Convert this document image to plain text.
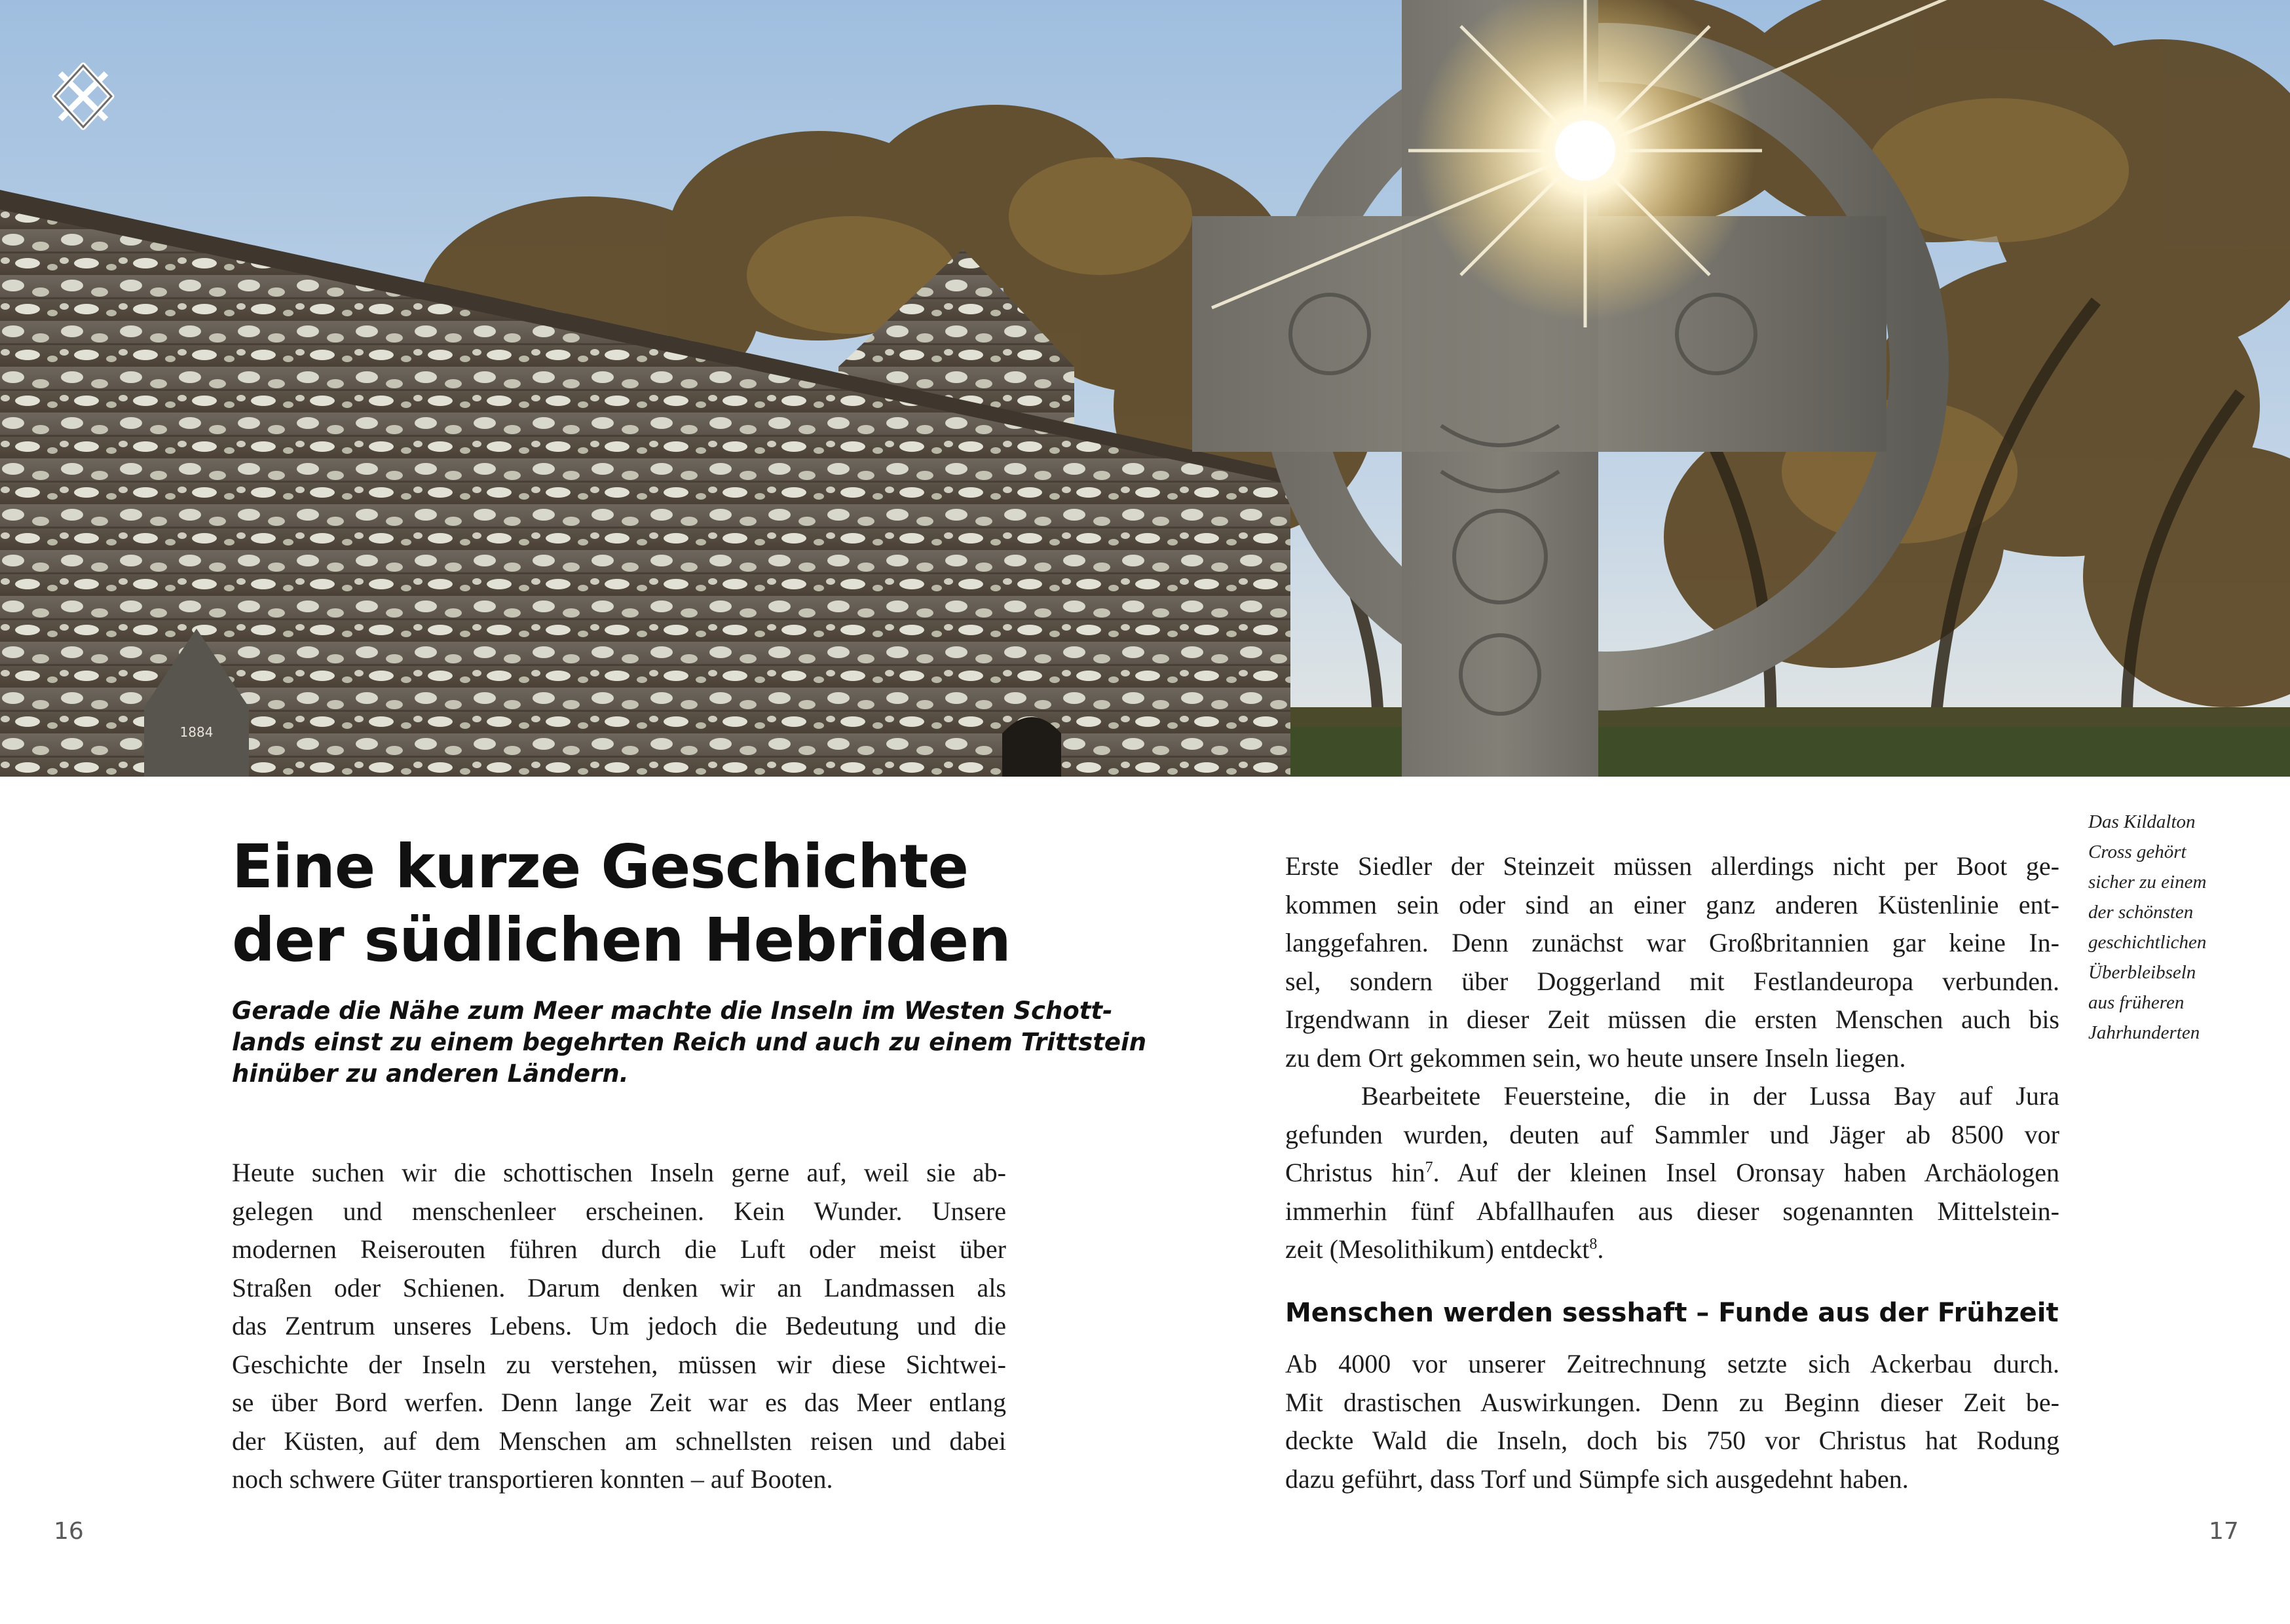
1884
Eine kurze Geschichte
der südlichen Hebriden
Gerade die Nähe zum Meer machte die Inseln im Westen Schott-
lands einst zu einem begehrten Reich und auch zu einem Trittstein
hinüber zu anderen Ländern.
Heute suchen wir die schottischen Inseln gerne auf, weil sie ab-
gelegen und menschenleer erscheinen. Kein Wunder. Unsere
modernen Reiserouten führen durch die Luft oder meist über
Straßen oder Schienen. Darum denken wir an Landmassen als
das Zentrum unseres Lebens. Um jedoch die Bedeutung und die
Geschichte der Inseln zu verstehen, müssen wir diese Sichtwei-
se über Bord werfen. Denn lange Zeit war es das Meer entlang
der Küsten, auf dem Menschen am schnellsten reisen und dabei
noch schwere Güter transportieren konnten – auf Booten.
16
Erste Siedler der Steinzeit müssen allerdings nicht per Boot ge-
kommen sein oder sind an einer ganz anderen Küstenlinie ent-
langgefahren. Denn zunächst war Großbritannien gar keine In-
sel, sondern über Doggerland mit Festlandeuropa verbunden.
Irgendwann in dieser Zeit müssen die ersten Menschen auch bis
zu dem Ort gekommen sein, wo heute unsere Inseln liegen.
Bearbeitete Feuersteine, die in der Lussa Bay auf Jura
gefunden wurden, deuten auf Sammler und Jäger ab 8500 vor
Christus hin$^7$. Auf der kleinen Insel Oronsay haben Archäologen
immerhin fünf Abfallhaufen aus dieser sogenannten Mittelstein-
zeit (Mesolithikum) entdeckt$^8$.
Menschen werden sesshaft – Funde aus der Frühzeit
Ab 4000 vor unserer Zeitrechnung setzte sich Ackerbau durch.
Mit drastischen Auswirkungen. Denn zu Beginn dieser Zeit be-
deckte Wald die Inseln, doch bis 750 vor Christus hat Rodung
dazu geführt, dass Torf und Sümpfe sich ausgedehnt haben.
Das Kildalton
Cross gehört
sicher zu einem
der schönsten
geschichtlichen
Überbleibseln
aus früheren
Jahrhunderten
17
